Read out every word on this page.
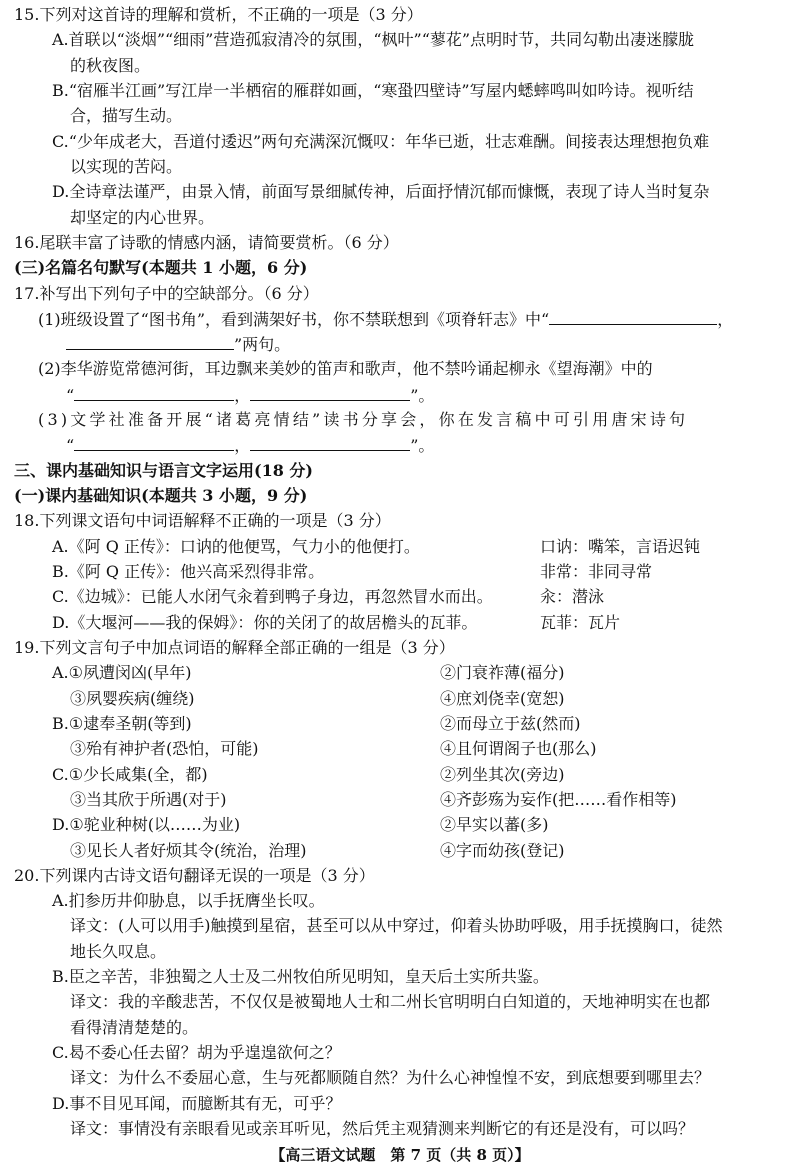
15.下列对这首诗的理解和赏析，不正确的一项是（3 分）
A.首联以“淡烟”“细雨”营造孤寂清冷的氛围，“枫叶”“蓼花”点明时节，共同勾勒出凄迷朦胧
的秋夜图。
B.“宿雁半江画”写江岸一半栖宿的雁群如画，“寒蛩四壁诗”写屋内蟋蟀鸣叫如吟诗。视听结
合，描写生动。
C.“少年成老大，吾道付逶迟”两句充满深沉慨叹：年华已逝，壮志难酬。间接表达理想抱负难
以实现的苦闷。
D.全诗章法谨严，由景入情，前面写景细腻传神，后面抒情沉郁而慷慨，表现了诗人当时复杂
却坚定的内心世界。
16.尾联丰富了诗歌的情感内涵，请简要赏析。（6 分）
(三)名篇名句默写(本题共 1 小题，6 分)
17.补写出下列句子中的空缺部分。（6 分）
(1)班级设置了“图书角”，看到满架好书，你不禁联想到《项脊轩志》中“	，
”两句。
(2)李华游览常德河街，耳边飘来美妙的笛声和歌声，他不禁吟诵起柳永《望海潮》中的
“	，	”。
(3)文学社准备开展“诸葛亮情结”读书分享会，你在发言稿中可引用唐宋诗句
“	，	”。
三、课内基础知识与语言文字运用(18 分)
(一)课内基础知识(本题共 3 小题，9 分)
18.下列课文语句中词语解释不正确的一项是（3 分）
A.《阿 Q 正传》：口讷的他便骂，气力小的他便打。	口讷：嘴笨，言语迟钝
B.《阿 Q 正传》：他兴高采烈得非常。	非常：非同寻常
C.《边城》：已能人水闭气汆着到鸭子身边，再忽然冒水而出。	汆：潜泳
D.《大堰河——我的保姆》：你的关闭了的故居檐头的瓦菲。	瓦菲：瓦片
19.下列文言句子中加点词语的解释全部正确的一组是（3 分）
A.①夙遭闵凶(早年)	②门衰祚薄(福分)
③夙婴疾病(缠绕)	④庶刘侥幸(宽恕)
B.①逮奉圣朝(等到)	②而母立于兹(然而)
③殆有神护者(恐怕，可能)	④且何谓阁子也(那么)
C.①少长咸集(全，都)	②列坐其次(旁边)
③当其欣于所遇(对于)	④齐彭殇为妄作(把……看作相等)
D.①驼业种树(以……为业)	②早实以蕃(多)
③见长人者好烦其令(统治，治理)	④字而幼孩(登记)
20.下列课内古诗文语句翻译无误的一项是（3 分）
A.扪参历井仰胁息，以手抚膺坐长叹。
译文：(人可以用手)触摸到星宿，甚至可以从中穿过，仰着头协助呼吸，用手抚摸胸口，徒然
地长久叹息。
B.臣之辛苦，非独蜀之人士及二州牧伯所见明知，皇天后土实所共鉴。
译文：我的辛酸悲苦，不仅仅是被蜀地人士和二州长官明明白白知道的，天地神明实在也都
看得清清楚楚的。
【高三语文试题　第 7 页（共 8 页）】
C.曷不委心任去留？胡为乎遑遑欲何之？
译文：为什么不委屈心意，生与死都顺随自然？为什么心神惶惶不安，到底想要到哪里去？
D.事不目见耳闻，而臆断其有无，可乎？
译文：事情没有亲眼看见或亲耳听见，然后凭主观猜测来判断它的有还是没有，可以吗？
